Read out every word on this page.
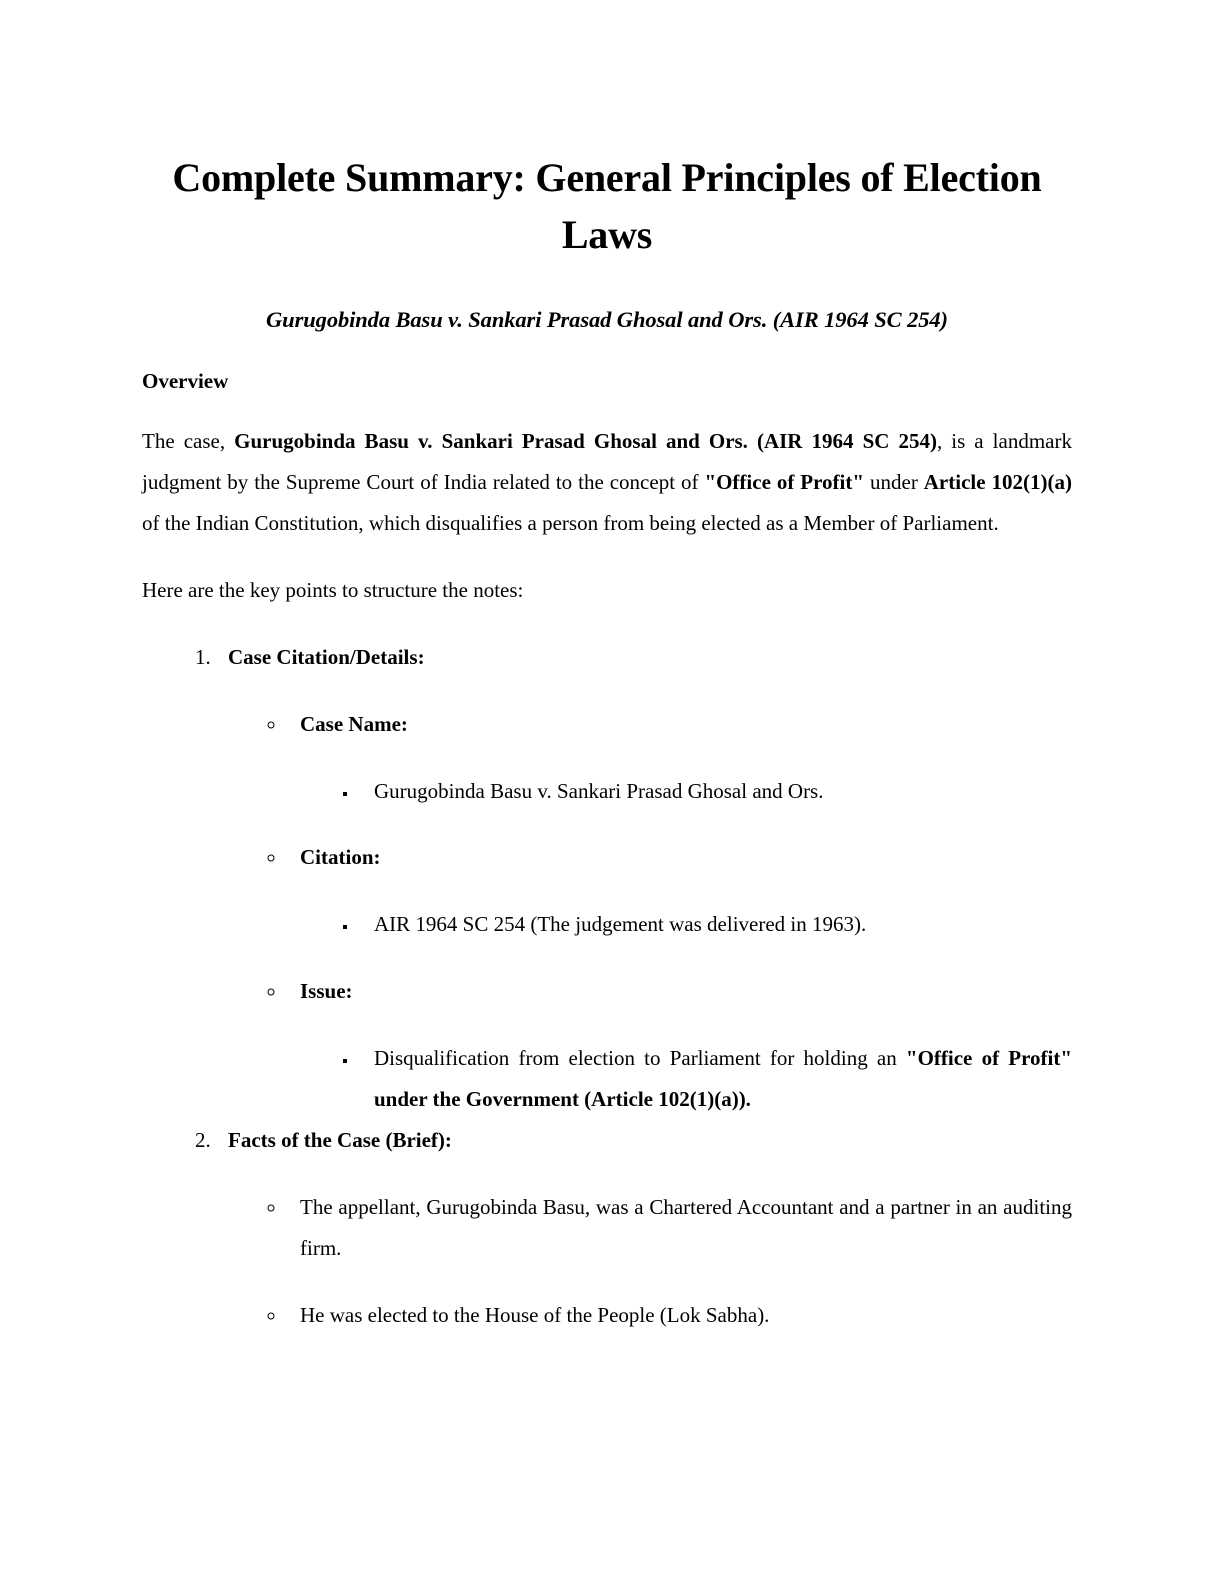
Complete Summary: General Principles of Election
Laws

Gurugobinda Basu v. Sankari Prasad Ghosal and Ors. (AIR 1964 SC 254)

Overview

The case, Gurugobinda Basu v. Sankari Prasad Ghosal and Ors. (AIR 1964 SC 254), is a landmark judgment by the Supreme Court of India related to the concept of "Office of Profit" under Article 102(1)(a) of the Indian Constitution, which disqualifies a person from being elected as a Member of Parliament.

Here are the key points to structure the notes:

1. Case Citation/Details:
◦ Case Name:
▪ Gurugobinda Basu v. Sankari Prasad Ghosal and Ors.
◦ Citation:
▪ AIR 1964 SC 254 (The judgement was delivered in 1963).
◦ Issue:
▪ Disqualification from election to Parliament for holding an "Office of Profit" under the Government (Article 102(1)(a)).
2. Facts of the Case (Brief):
◦ The appellant, Gurugobinda Basu, was a Chartered Accountant and a partner in an auditing firm.
◦ He was elected to the House of the People (Lok Sabha).
